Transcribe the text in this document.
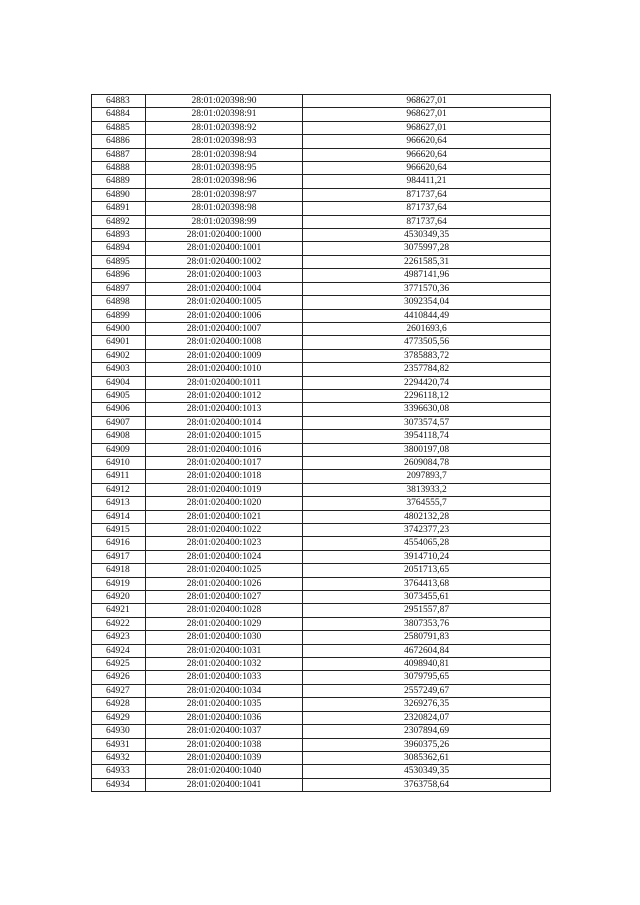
64883	28:01:020398:90	968627,01
64884	28:01:020398:91	968627,01
64885	28:01:020398:92	968627,01
64886	28:01:020398:93	966620,64
64887	28:01:020398:94	966620,64
64888	28:01:020398:95	966620,64
64889	28:01:020398:96	984411,21
64890	28:01:020398:97	871737,64
64891	28:01:020398:98	871737,64
64892	28:01:020398:99	871737,64
64893	28:01:020400:1000	4530349,35
64894	28:01:020400:1001	3075997,28
64895	28:01:020400:1002	2261585,31
64896	28:01:020400:1003	4987141,96
64897	28:01:020400:1004	3771570,36
64898	28:01:020400:1005	3092354,04
64899	28:01:020400:1006	4410844,49
64900	28:01:020400:1007	2601693,6
64901	28:01:020400:1008	4773505,56
64902	28:01:020400:1009	3785883,72
64903	28:01:020400:1010	2357784,82
64904	28:01:020400:1011	2294420,74
64905	28:01:020400:1012	2296118,12
64906	28:01:020400:1013	3396630,08
64907	28:01:020400:1014	3073574,57
64908	28:01:020400:1015	3954118,74
64909	28:01:020400:1016	3800197,08
64910	28:01:020400:1017	2609084,78
64911	28:01:020400:1018	2097893,7
64912	28:01:020400:1019	3813933,2
64913	28:01:020400:1020	3764555,7
64914	28:01:020400:1021	4802132,28
64915	28:01:020400:1022	3742377,23
64916	28:01:020400:1023	4554065,28
64917	28:01:020400:1024	3914710,24
64918	28:01:020400:1025	2051713,65
64919	28:01:020400:1026	3764413,68
64920	28:01:020400:1027	3073455,61
64921	28:01:020400:1028	2951557,87
64922	28:01:020400:1029	3807353,76
64923	28:01:020400:1030	2580791,83
64924	28:01:020400:1031	4672604,84
64925	28:01:020400:1032	4098940,81
64926	28:01:020400:1033	3079795,65
64927	28:01:020400:1034	2557249,67
64928	28:01:020400:1035	3269276,35
64929	28:01:020400:1036	2320824,07
64930	28:01:020400:1037	2307894,69
64931	28:01:020400:1038	3960375,26
64932	28:01:020400:1039	3085362,61
64933	28:01:020400:1040	4530349,35
64934	28:01:020400:1041	3763758,64
